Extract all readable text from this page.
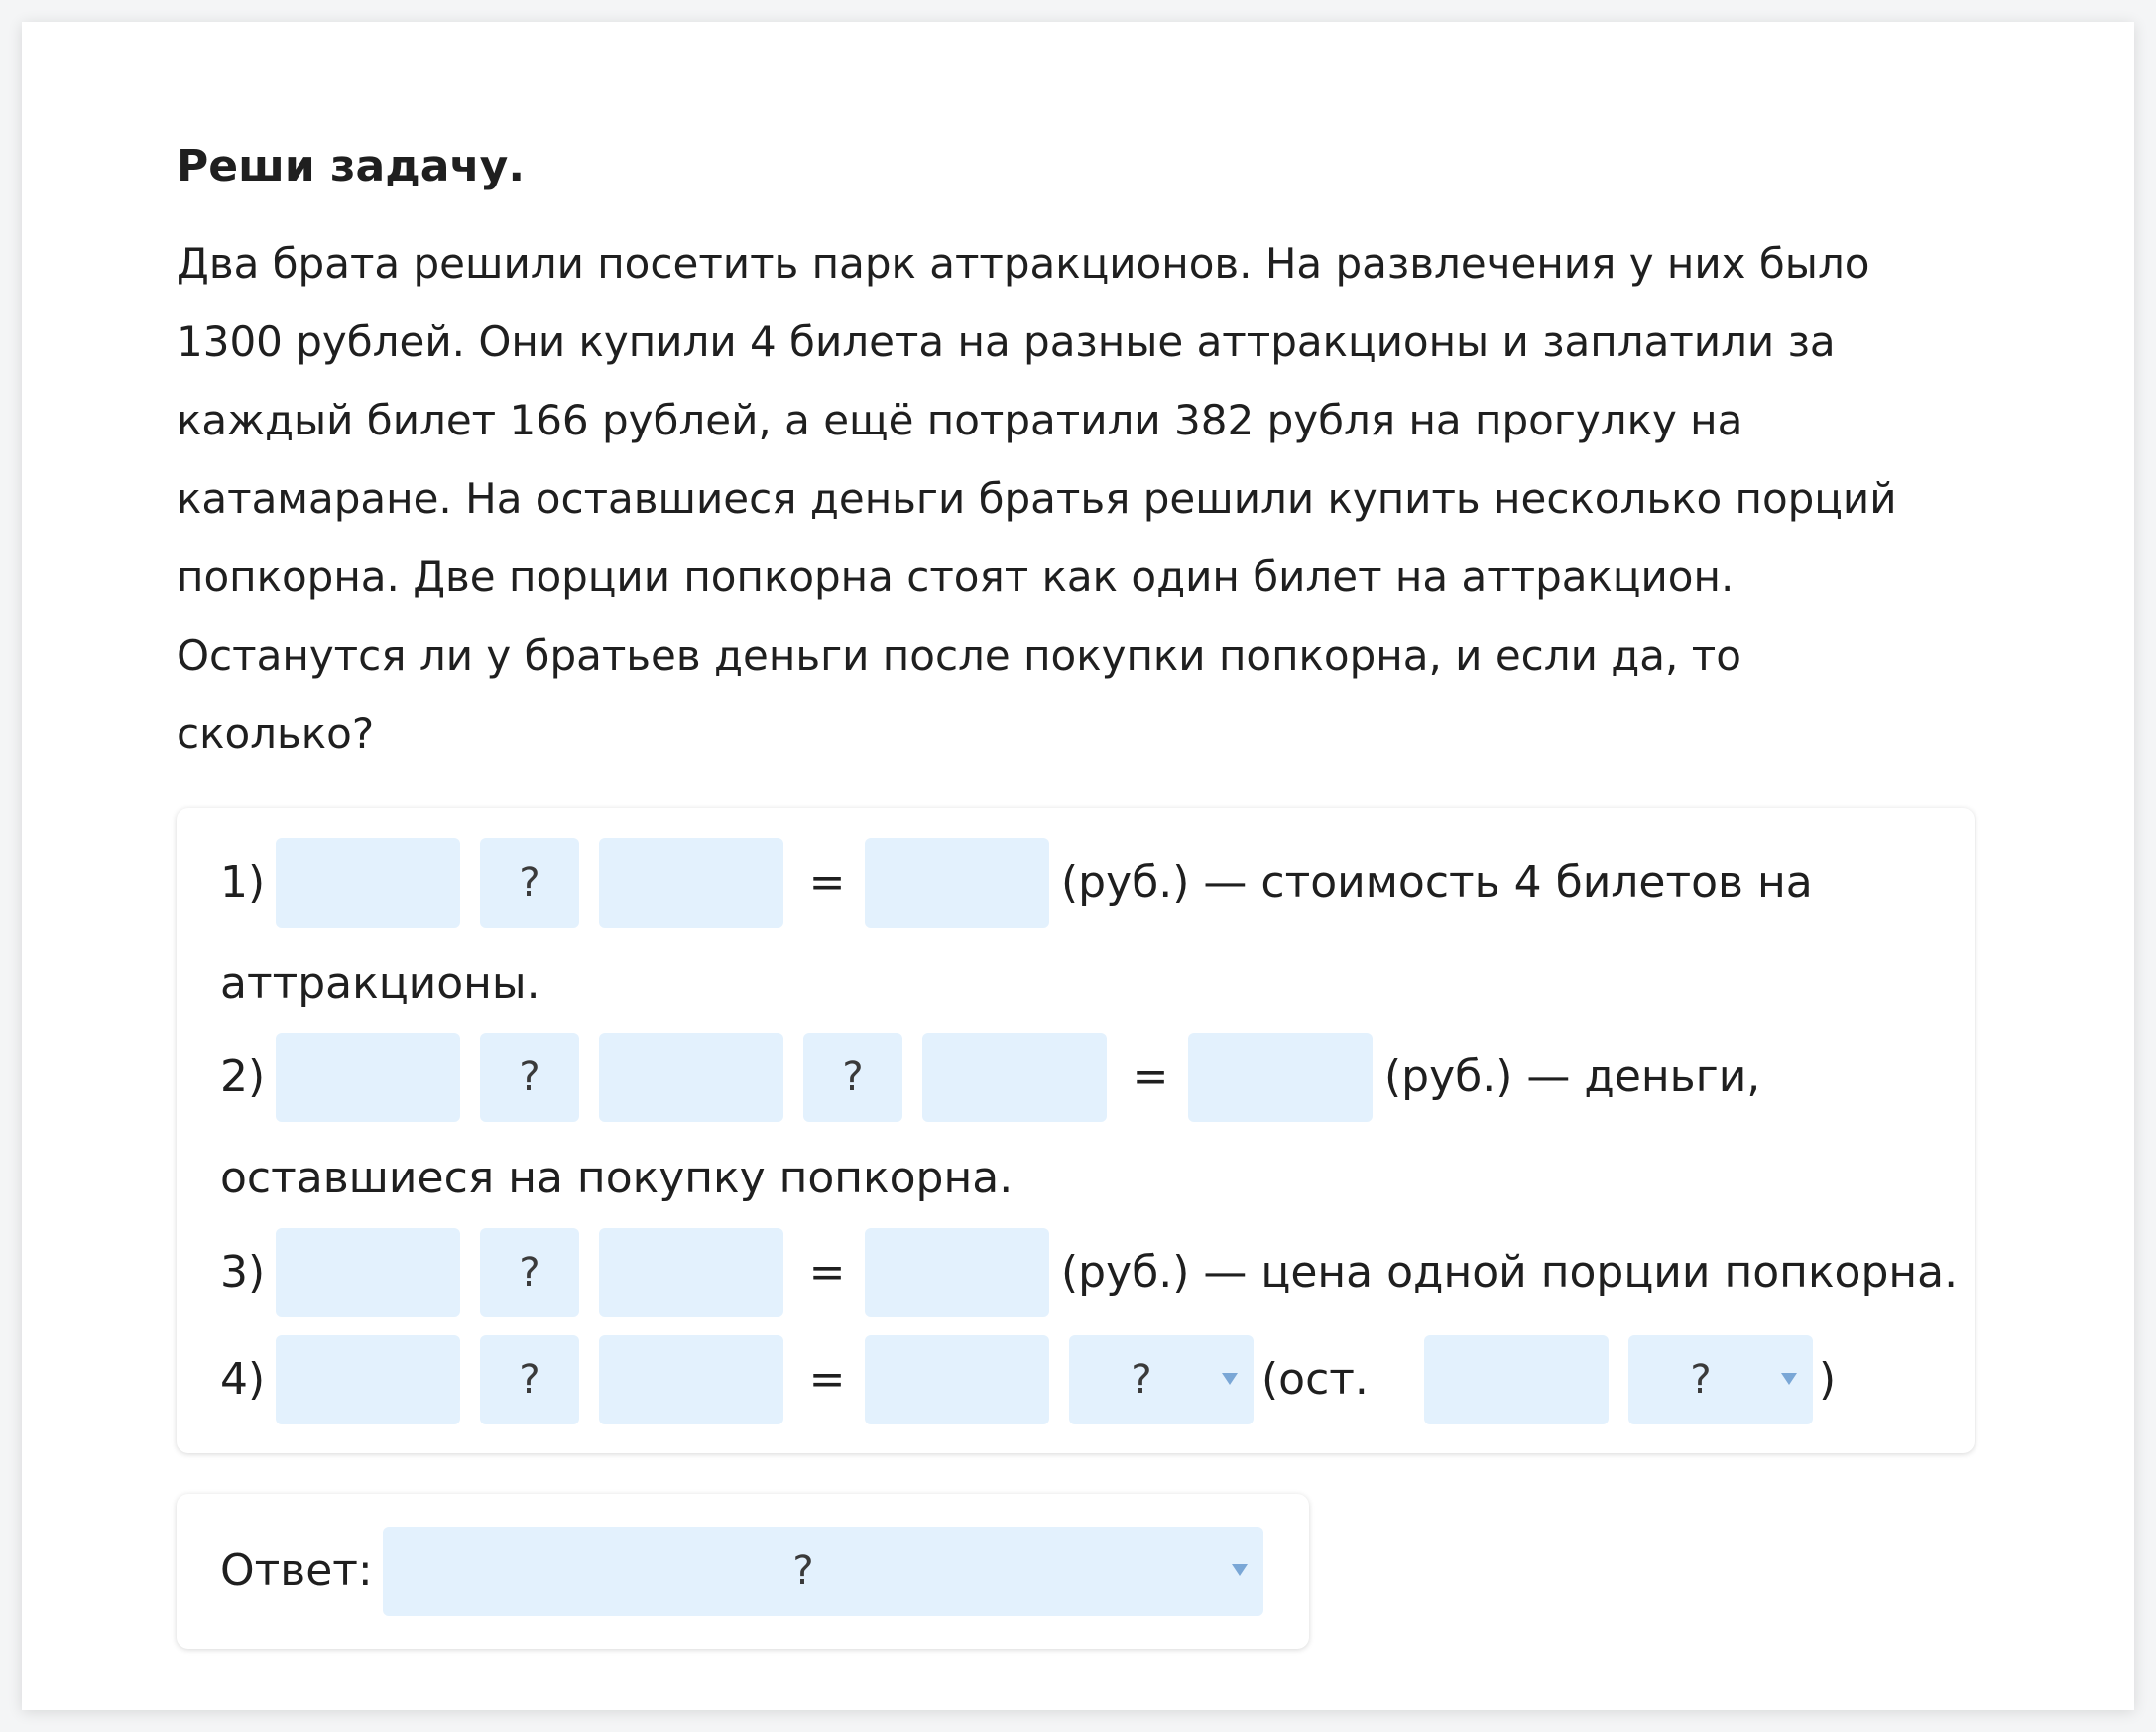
Реши задачу.
Два брата решили посетить парк аттракционов. На развлечения у них было
1300 рублей. Они купили 4 билета на разные аттракционы и заплатили за
каждый билет 166 рублей, а ещё потратили 382 рубля на прогулку на
катамаране. На оставшиеся деньги братья решили купить несколько порций
попкорна. Две порции попкорна стоят как один билет на аттракцион.
Останутся ли у братьев деньги после покупки попкорна, и если да, то
сколько?
1)	?	=	(руб.) — стоимость 4 билетов на
аттракционы.
2)	?	?	=	(руб.) — деньги,
оставшиеся на покупку попкорна.
3)	?	=	(руб.) — цена одной порции попкорна.
4)	?	=	?	(ост.	?	)
Ответ:	?
